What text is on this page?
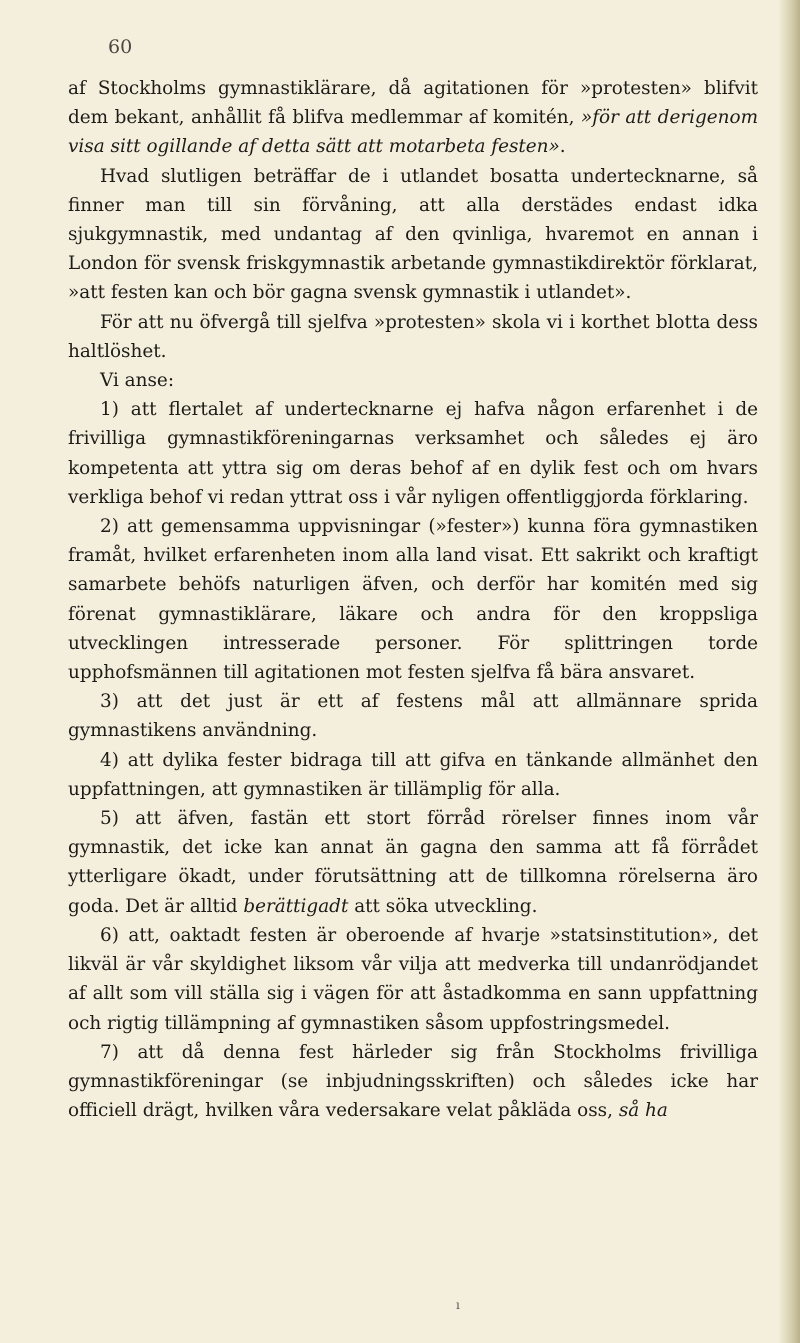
60

af Stockholms gymnastiklärare, då agitationen för »protesten» blifvit dem bekant, anhållit få blifva medlemmar af komitén, »för att derigenom visa sitt ogillande af detta sätt att motarbeta festen».

Hvad slutligen beträffar de i utlandet bosatta undertecknarne, så finner man till sin förvåning, att alla derstädes endast idka sjukgymnastik, med undantag af den qvinliga, hvaremot en annan i London för svensk friskgymnastik arbetande gymnastikdirektör förklarat, »att festen kan och bör gagna svensk gymnastik i utlandet».

För att nu öfvergå till sjelfva »protesten» skola vi i korthet blotta dess haltlöshet.

Vi anse:

1) att flertalet af undertecknarne ej hafva någon erfarenhet i de frivilliga gymnastikföreningarnas verksamhet och således ej äro kompetenta att yttra sig om deras behof af en dylik fest och om hvars verkliga behof vi redan yttrat oss i vår nyligen offentliggjorda förklaring.

2) att gemensamma uppvisningar (»fester») kunna föra gymnastiken framåt, hvilket erfarenheten inom alla land visat. Ett sakrikt och kraftigt samarbete behöfs naturligen äfven, och derför har komitén med sig förenat gymnastiklärare, läkare och andra för den kroppsliga utvecklingen intresserade personer. För splittringen torde upphofsmännen till agitationen mot festen sjelfva få bära ansvaret.

3) att det just är ett af festens mål att allmännare sprida gymnastikens användning.

4) att dylika fester bidraga till att gifva en tänkande allmänhet den uppfattningen, att gymnastiken är tillämplig för alla.

5) att äfven, fastän ett stort förråd rörelser finnes inom vår gymnastik, det icke kan annat än gagna den samma att få förrådet ytterligare ökadt, under förutsättning att de tillkomna rörelserna äro goda. Det är alltid berättigadt att söka utveckling.

6) att, oaktadt festen är oberoende af hvarje »statsinstitution», det likväl är vår skyldighet liksom vår vilja att medverka till undanrödjandet af allt som vill ställa sig i vägen för att åstadkomma en sann uppfattning och rigtig tillämpning af gymnastiken såsom uppfostringsmedel.

7) att då denna fest härleder sig från Stockholms frivilliga gymnastikföreningar (se inbjudningsskriften) och således icke har officiell drägt, hvilken våra vedersakare velat påkläda oss, så ha

ı
